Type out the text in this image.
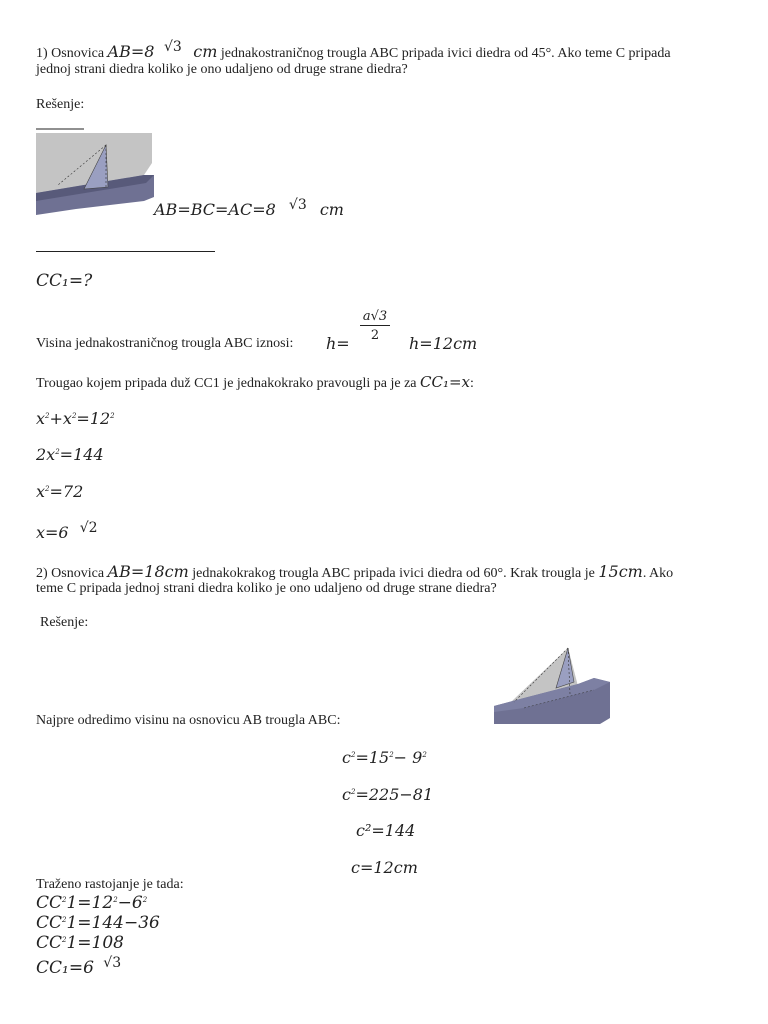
1) Osnovica AB=8 √3 cm jednakostraničnog trougla ABC pripada ivici diedra od 45°. Ako teme C pripada
jednoj strani diedra koliko je ono udaljeno od druge strane diedra?
Rešenje:
AB=BC=AC=8 √3 cm
CC₁=?
Visina jednakostraničnog trougla ABC iznosi: h=
a√3
2	h=12cm
Trougao kojem pripada duž CC1 je jednakokrako pravougli pa je za CC₁=x:
$x^2+x^2=12^2$
$2x^2=144$
$x^2=72$
x=6 √2
2) Osnovica AB=18cm jednakokrakog trougla ABC pripada ivici diedra od 60°. Krak trougla je 15cm. Ako
teme C pripada jednoj strani diedra koliko je ono udaljeno od druge strane diedra?
Rešenje:
Najpre odredimo visinu na osnovicu AB trougla ABC:
$c^2=15^2- 9^2$
$c^2=225-81$
c²=144
c=12cm
Traženo rastojanje je tada:
$CC^21=12^2-6^2$
$CC^21=144-36$
$CC^21=108$
CC₁=6 $^{√3}$
